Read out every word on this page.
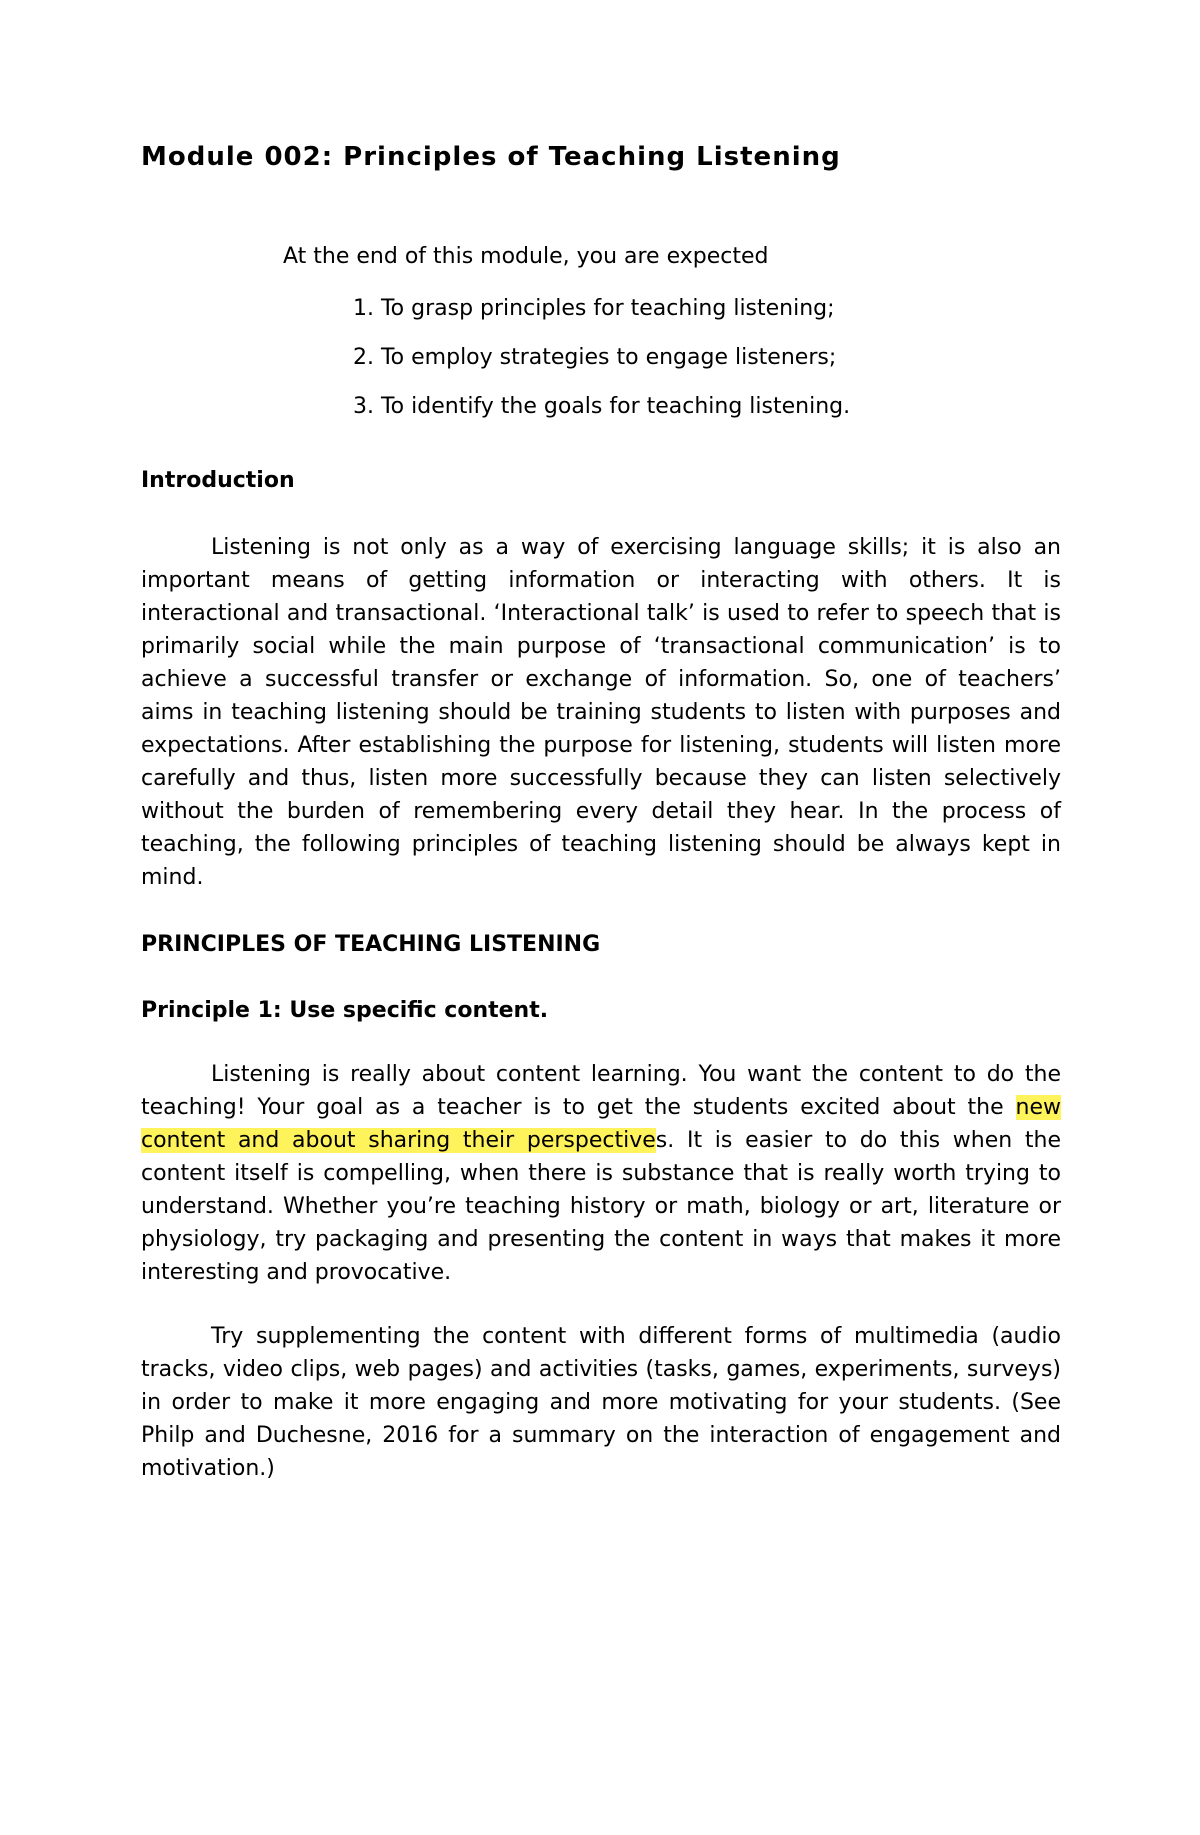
Module 002: Principles of Teaching Listening
At the end of this module, you are expected
1. To grasp principles for teaching listening;
2. To employ strategies to engage listeners;
3. To identify the goals for teaching listening.
Introduction

Listening is not only as a way of exercising language skills; it is also an important means of getting information or interacting with others. It is interactional and transactional. ‘Interactional talk’ is used to refer to speech that is primarily social while the main purpose of ‘transactional communication’ is to achieve a successful transfer or exchange of information. So, one of teachers’ aims in teaching listening should be training students to listen with purposes and expectations. After establishing the purpose for listening, students will listen more carefully and thus, listen more successfully because they can listen selectively without the burden of remembering every detail they hear. In the process of teaching, the following principles of teaching listening should be always kept in mind.

PRINCIPLES OF TEACHING LISTENING
Principle 1: Use specific content.

Listening is really about content learning. You want the content to do the teaching! Your goal as a teacher is to get the students excited about the new content and about sharing their perspectives. It is easier to do this when the content itself is compelling, when there is substance that is really worth trying to understand. Whether you’re teaching history or math, biology or art, literature or physiology, try packaging and presenting the content in ways that makes it more interesting and provocative.

Try supplementing the content with different forms of multimedia (audio tracks, video clips, web pages) and activities (tasks, games, experiments, surveys) in order to make it more engaging and more motivating for your students. (See Philp and Duchesne, 2016 for a summary on the interaction of engagement and motivation.)
